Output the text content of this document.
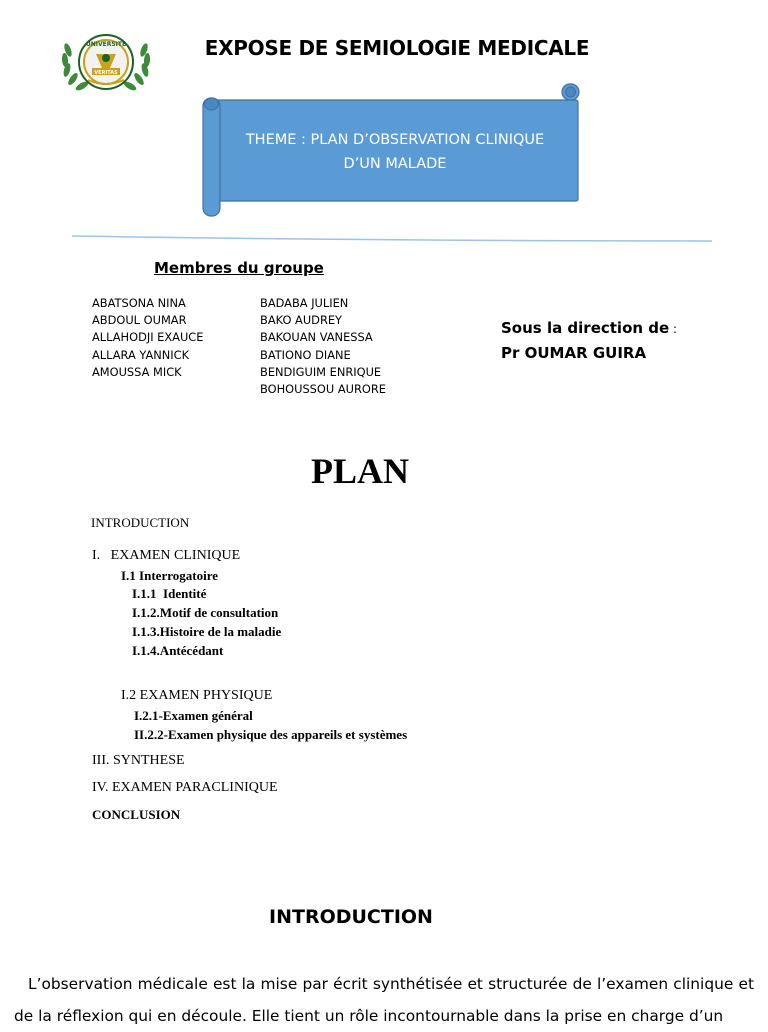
UNIVERSITE
VERITAS
EXPOSE DE SEMIOLOGIE MEDICALE
THEME : PLAN D’OBSERVATION CLINIQUE
D’UN MALADE
Membres du groupe
ABATSONA NINA
ABDOUL OUMAR
ALLAHODJI EXAUCE
ALLARA YANNICK
AMOUSSA MICK
BADABA JULIEN
BAKO AUDREY
BAKOUAN VANESSA
BATIONO DIANE
BENDIGUIM ENRIQUE
BOHOUSSOU AURORE
Sous la direction de :
Pr OUMAR GUIRA
PLAN
INTRODUCTION
I.   EXAMEN CLINIQUE
I.1 Interrogatoire
I.1.1  Identité
I.1.2.Motif de consultation
I.1.3.Histoire de la maladie
I.1.4.Antécédant
I.2 EXAMEN PHYSIQUE
I.2.1-Examen général
II.2.2-Examen physique des appareils et systèmes
III. SYNTHESE
IV. EXAMEN PARACLINIQUE
CONCLUSION
INTRODUCTION
L’observation médicale est la mise par écrit synthétisée et structurée de l’examen clinique et de la réflexion qui en découle. Elle tient un rôle incontournable dans la prise en charge d’un
